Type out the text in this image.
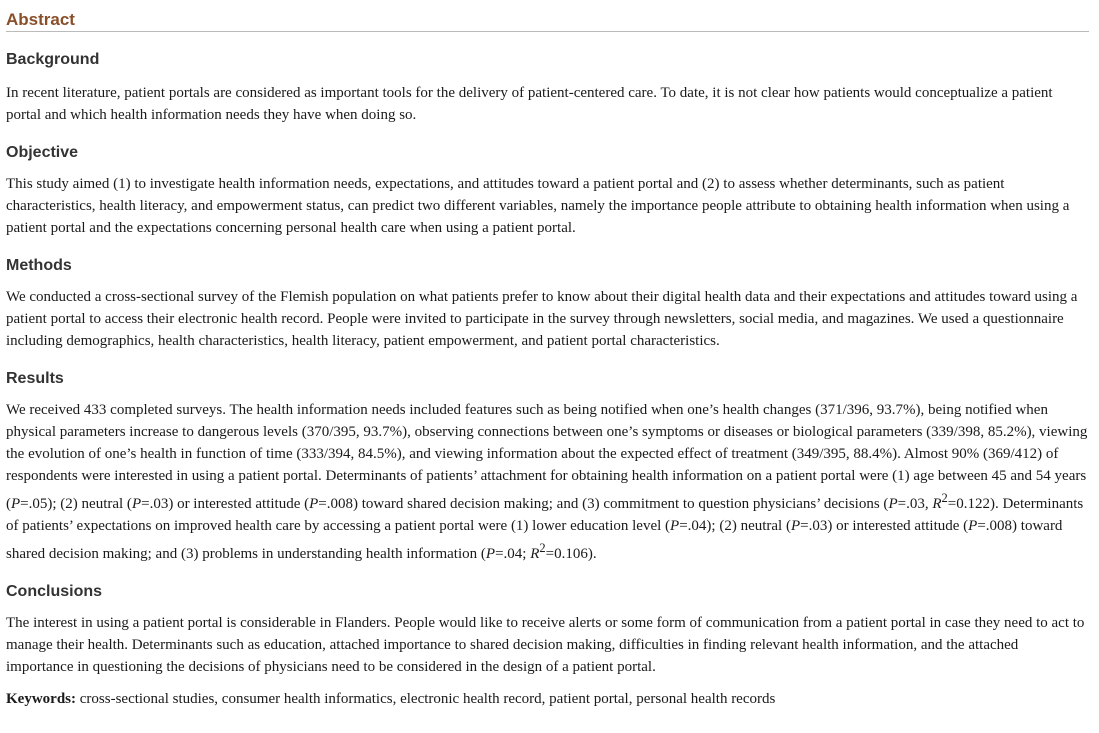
Abstract
Background

In recent literature, patient portals are considered as important tools for the delivery of patient-centered care. To date, it is not clear how patients would conceptualize a patient portal and which health information needs they have when doing so.

Objective

This study aimed (1) to investigate health information needs, expectations, and attitudes toward a patient portal and (2) to assess whether determinants, such as patient characteristics, health literacy, and empowerment status, can predict two different variables, namely the importance people attribute to obtaining health information when using a patient portal and the expectations concerning personal health care when using a patient portal.

Methods

We conducted a cross-sectional survey of the Flemish population on what patients prefer to know about their digital health data and their expectations and attitudes toward using a patient portal to access their electronic health record. People were invited to participate in the survey through newsletters, social media, and magazines. We used a questionnaire including demographics, health characteristics, health literacy, patient empowerment, and patient portal characteristics.

Results

We received 433 completed surveys. The health information needs included features such as being notified when one’s health changes (371/396, 93.7%), being notified when physical parameters increase to dangerous levels (370/395, 93.7%), observing connections between one’s symptoms or diseases or biological parameters (339/398, 85.2%), viewing the evolution of one’s health in function of time (333/394, 84.5%), and viewing information about the expected effect of treatment (349/395, 88.4%). Almost 90% (369/412) of respondents were interested in using a patient portal. Determinants of patients’ attachment for obtaining health information on a patient portal were (1) age between 45 and 54 years (P=.05); (2) neutral (P=.03) or interested attitude (P=.008) toward shared decision making; and (3) commitment to question physicians’ decisions (P=.03, $R^2=0.122$). Determinants of patients’ expectations on improved health care by accessing a patient portal were (1) lower education level (P=.04); (2) neutral (P=.03) or interested attitude (P=.008) toward shared decision making; and (3) problems in understanding health information (P=.04; $R^2=0.106$).

Conclusions

The interest in using a patient portal is considerable in Flanders. People would like to receive alerts or some form of communication from a patient portal in case they need to act to manage their health. Determinants such as education, attached importance to shared decision making, difficulties in finding relevant health information, and the attached importance in questioning the decisions of physicians need to be considered in the design of a patient portal.

Keywords: cross-sectional studies, consumer health informatics, electronic health record, patient portal, personal health records
